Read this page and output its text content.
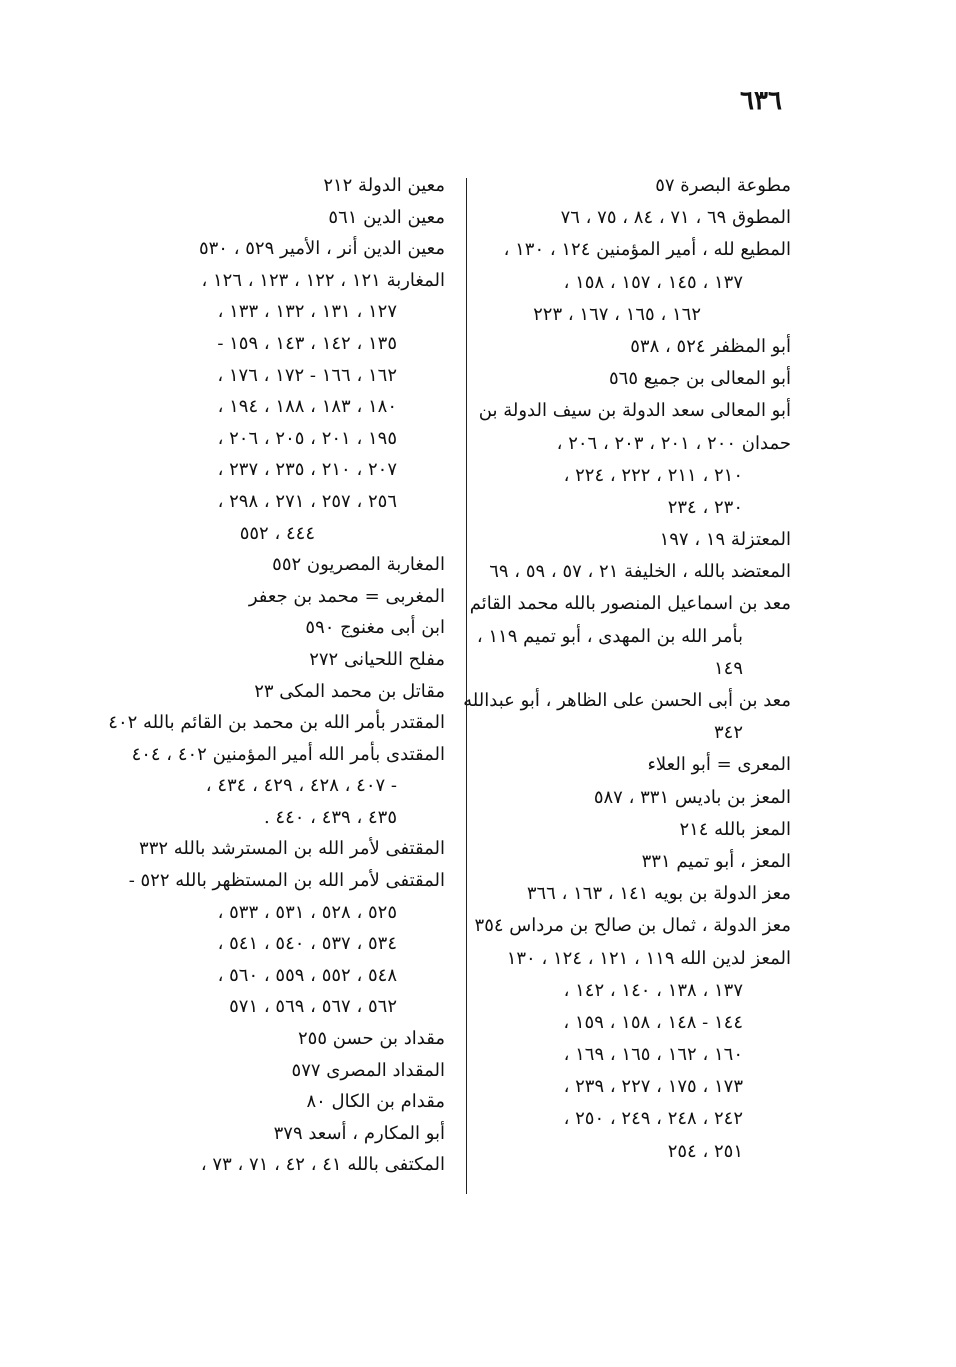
٦٣٦
مطوعة البصرة ٥٧
المطوق ٦٩ ، ٧١ ، ٨٤ ، ٧٥ ، ٧٦
المطيع لله ، أمير المؤمنين ١٢٤ ، ١٣٠ ،
١٣٧ ، ١٤٥ ، ١٥٧ ، ١٥٨ ،
١٦٢ ، ١٦٥ ، ١٦٧ ، ٢٢٣
أبو المظفر ٥٢٤ ، ٥٣٨
أبو المعالى بن جميع ٥٦٥
أبو المعالى سعد الدولة بن سيف الدولة بن
حمدان ٢٠٠ ، ٢٠١ ، ٢٠٣ ، ٢٠٦ ،
٢١٠ ، ٢١١ ، ٢٢٢ ، ٢٢٤ ،
٢٣٠ ، ٢٣٤
المعتزلة ١٩ ، ١٩٧
المعتضد بالله ، الخليفة ٢١ ، ٥٧ ، ٥٩ ، ٦٩
معد بن اسماعيل المنصور بالله محمد القائم
بأمر الله بن المهدى ، أبو تميم ١١٩ ،
١٤٩
معد بن أبى الحسن على الظاهر ، أبو عبدالله
٣٤٢
المعرى = أبو العلاء
المعز بن باديس ٣٣١ ، ٥٨٧
المعز بالله ٢١٤
المعز ، أبو تميم ٣٣١
معز الدولة بن بويه ١٤١ ، ١٦٣ ، ٣٦٦
معز الدولة ، ثمال بن صالح بن مرداس ٣٥٤
المعز لدين الله ١١٩ ، ١٢١ ، ١٢٤ ، ١٣٠
١٣٧ ، ١٣٨ ، ١٤٠ ، ١٤٢ ،
١٤٤ - ١٤٨ ، ١٥٨ ، ١٥٩ ،
١٦٠ ، ١٦٢ ، ١٦٥ ، ١٦٩ ،
١٧٣ ، ١٧٥ ، ٢٢٧ ، ٢٣٩ ،
٢٤٢ ، ٢٤٨ ، ٢٤٩ ، ٢٥٠ ،
٢٥١ ، ٢٥٤
معين الدولة ٢١٢
معين الدين ٥٦١
معين الدين أنر ، الأمير ٥٢٩ ، ٥٣٠
المغاربة ١٢١ ، ١٢٢ ، ١٢٣ ، ١٢٦ ،
١٢٧ ، ١٣١ ، ١٣٢ ، ١٣٣ ،
١٣٥ ، ١٤٢ ، ١٤٣ ، ١٥٩ -
١٦٢ ، ١٦٦ - ١٧٢ ، ١٧٦ ،
١٨٠ ، ١٨٣ ، ١٨٨ ، ١٩٤ ،
١٩٥ ، ٢٠١ ، ٢٠٥ ، ٢٠٦ ،
٢٠٧ ، ٢١٠ ، ٢٣٥ ، ٢٣٧ ،
٢٥٦ ، ٢٥٧ ، ٢٧١ ، ٢٩٨ ،
٤٤٤ ، ٥٥٢
المغاربة المصريون ٥٥٢
المغربى = محمد بن جعفر
ابن أبى مغنوج ٥٩٠
مفلح اللحيانى ٢٧٢
مقاتل بن محمد المكى ٢٣
المقتدر بأمر الله بن محمد بن القائم بالله ٤٠٢
المقتدى بأمر الله أمير المؤمنين ٤٠٢ ، ٤٠٤
- ٤٠٧ ، ٤٢٨ ، ٤٢٩ ، ٤٣٤ ،
٤٣٥ ، ٤٣٩ ، ٤٤٠ .
المقتفى لأمر الله بن المسترشد بالله ٣٣٢
المقتفى لأمر الله بن المستظهر بالله ٥٢٢ -
٥٢٥ ، ٥٢٨ ، ٥٣١ ، ٥٣٣ ،
٥٣٤ ، ٥٣٧ ، ٥٤٠ ، ٥٤١ ،
٥٤٨ ، ٥٥٢ ، ٥٥٩ ، ٥٦٠ ،
٥٦٢ ، ٥٦٧ ، ٥٦٩ ، ٥٧١
مقداد بن حسن ٢٥٥
المقداد المصرى ٥٧٧
مقدام بن الكال ٨٠
أبو المكارم ، أسعد ٣٧٩
المكتفى بالله ٤١ ، ٤٢ ، ٧١ ، ٧٣ ،
